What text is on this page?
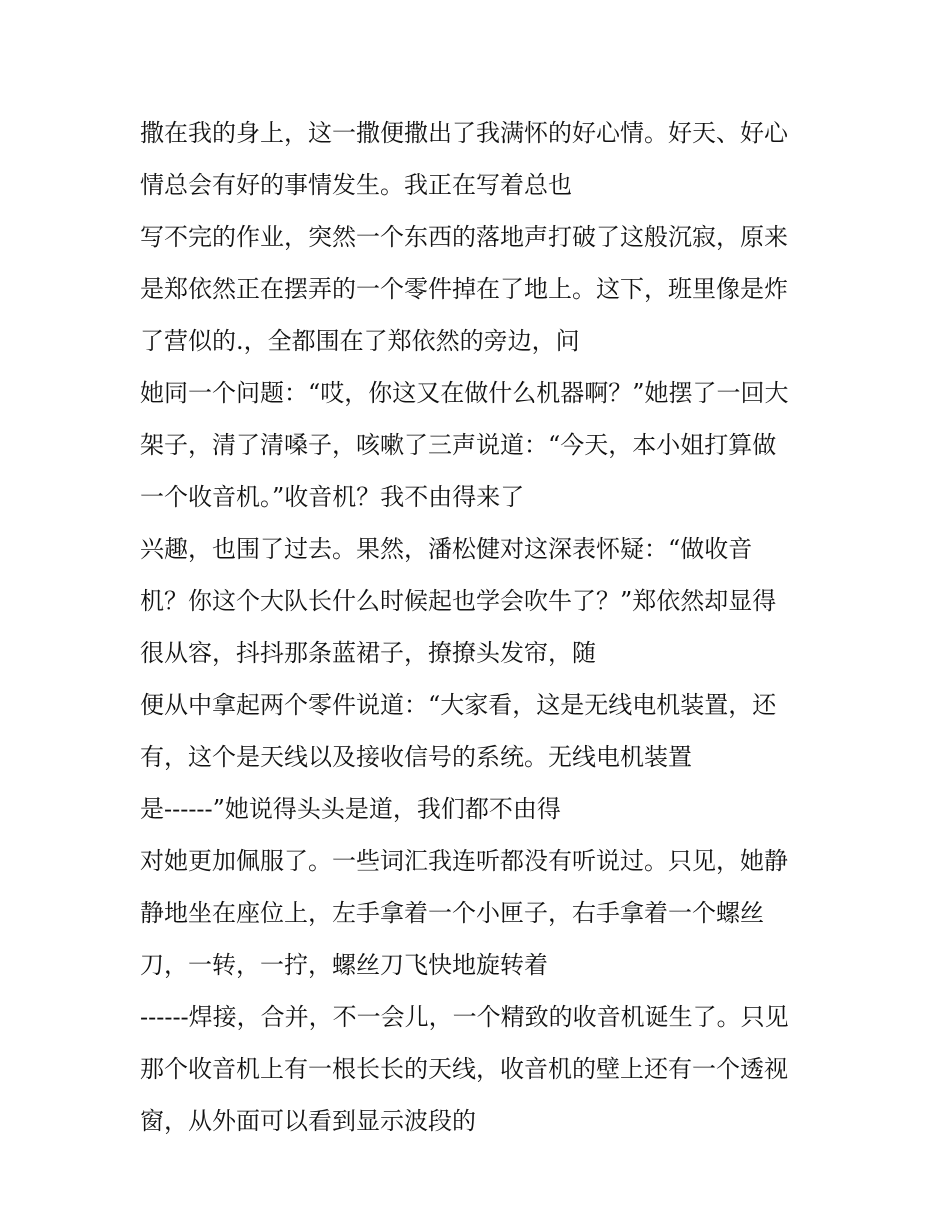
撒在我的身上，这一撒便撒出了我满怀的好心情。好天、好心
情总会有好的事情发生。我正在写着总也
写不完的作业，突然一个东西的落地声打破了这般沉寂，原来
是郑依然正在摆弄的一个零件掉在了地上。这下，班里像是炸
了营似的.，全都围在了郑依然的旁边，问
她同一个问题：“哎，你这又在做什么机器啊？”她摆了一回大
架子，清了清嗓子，咳嗽了三声说道：“今天，本小姐打算做
一个收音机。”收音机？我不由得来了
兴趣，也围了过去。果然，潘松健对这深表怀疑：“做收音
机？你这个大队长什么时候起也学会吹牛了？”郑依然却显得
很从容，抖抖那条蓝裙子，撩撩头发帘，随
便从中拿起两个零件说道：“大家看，这是无线电机装置，还
有，这个是天线以及接收信号的系统。无线电机装置
是------”她说得头头是道，我们都不由得
对她更加佩服了。一些词汇我连听都没有听说过。只见，她静
静地坐在座位上，左手拿着一个小匣子，右手拿着一个螺丝
刀，一转，一拧，螺丝刀飞快地旋转着
------焊接，合并，不一会儿，一个精致的收音机诞生了。只见
那个收音机上有一根长长的天线，收音机的壁上还有一个透视
窗，从外面可以看到显示波段的
